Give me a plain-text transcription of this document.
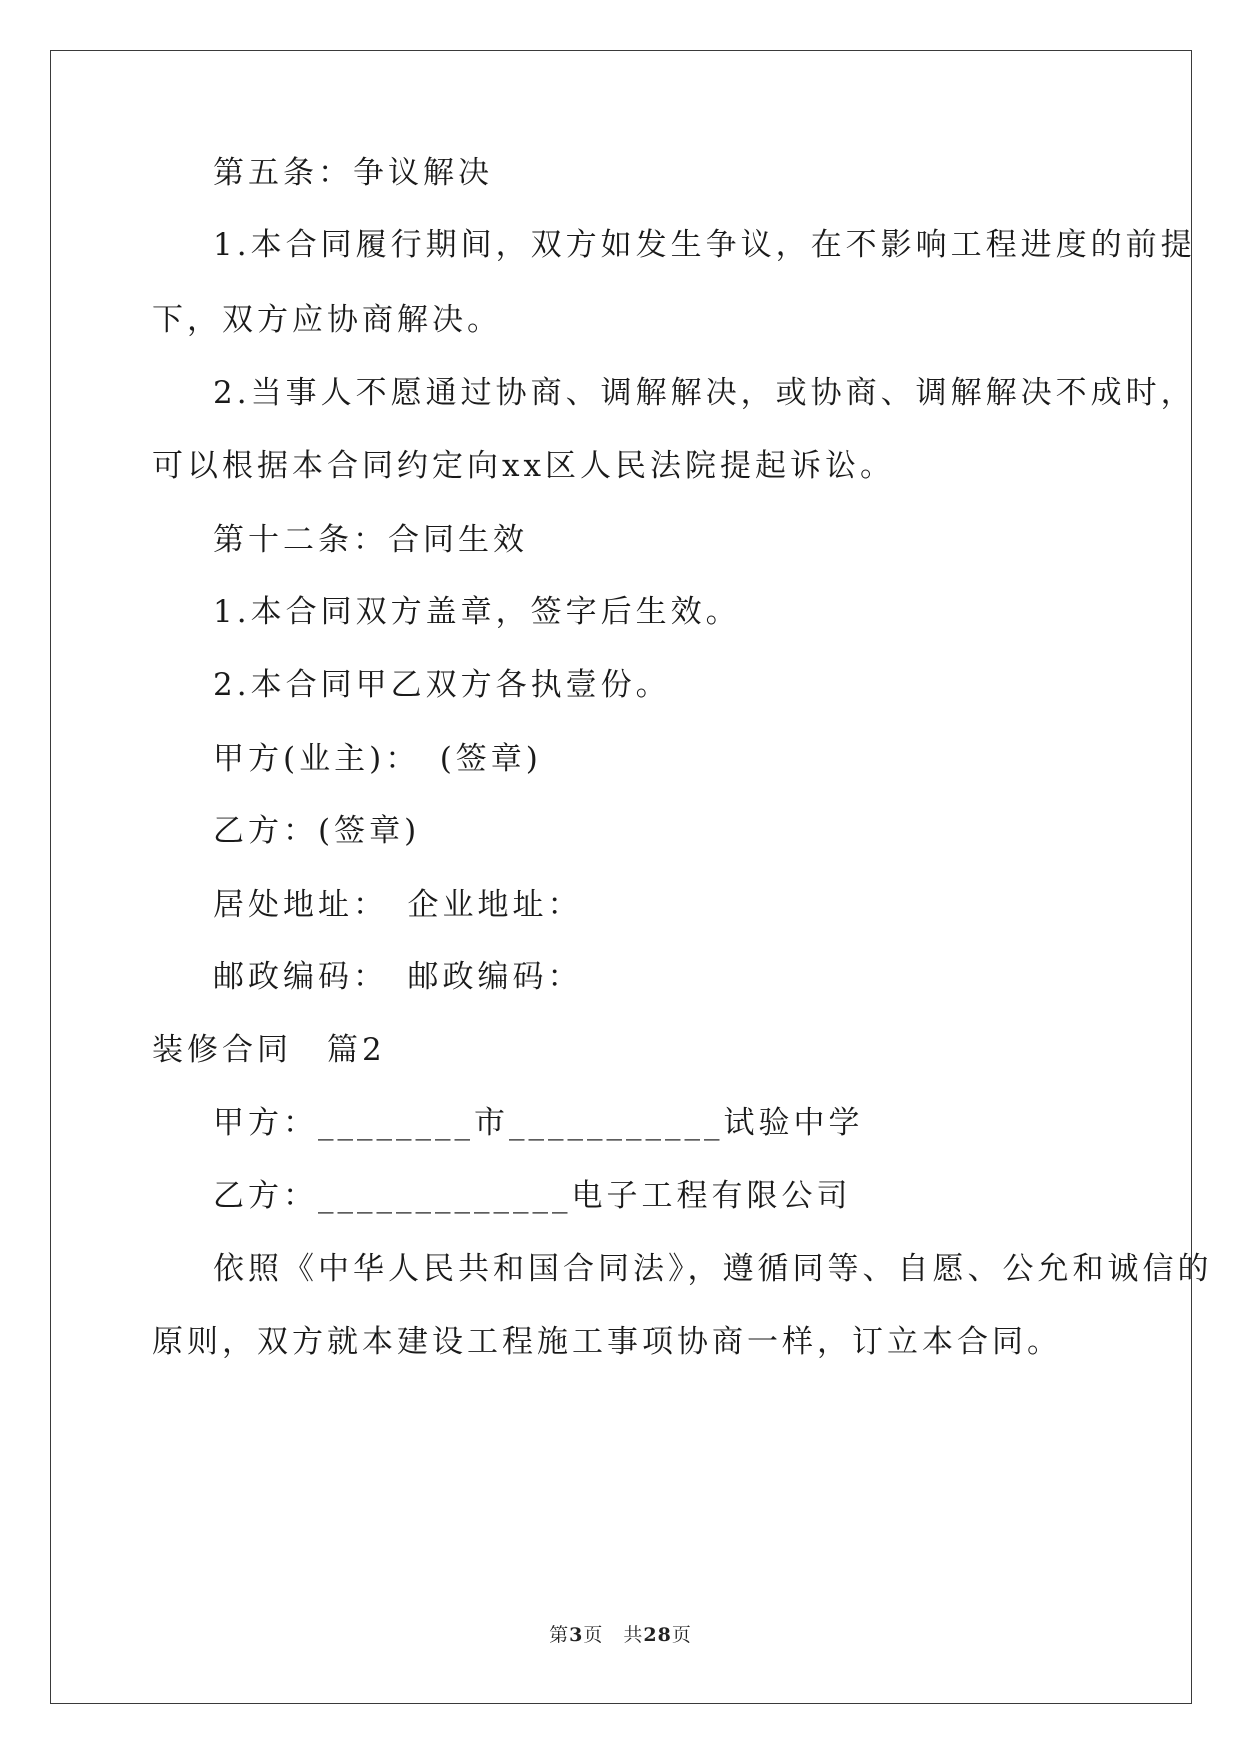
第五条：争议解决
1.本合同履行期间，双方如发生争议，在不影响工程进度的前提
下，双方应协商解决。
2.当事人不愿通过协商、调解解决，或协商、调解解决不成时，
可以根据本合同约定向xx区人民法院提起诉讼。
第十二条：合同生效
1.本合同双方盖章，签字后生效。
2.本合同甲乙双方各执壹份。
甲方(业主)：　(签章)
乙方：(签章)
居处地址：　企业地址：
邮政编码：　邮政编码：
装修合同　篇2
甲方：________市___________试验中学
乙方：_____________电子工程有限公司
依照《中华人民共和国合同法》，遵循同等、自愿、公允和诚信的
原则，双方就本建设工程施工事项协商一样，订立本合同。
第3页　共28页
